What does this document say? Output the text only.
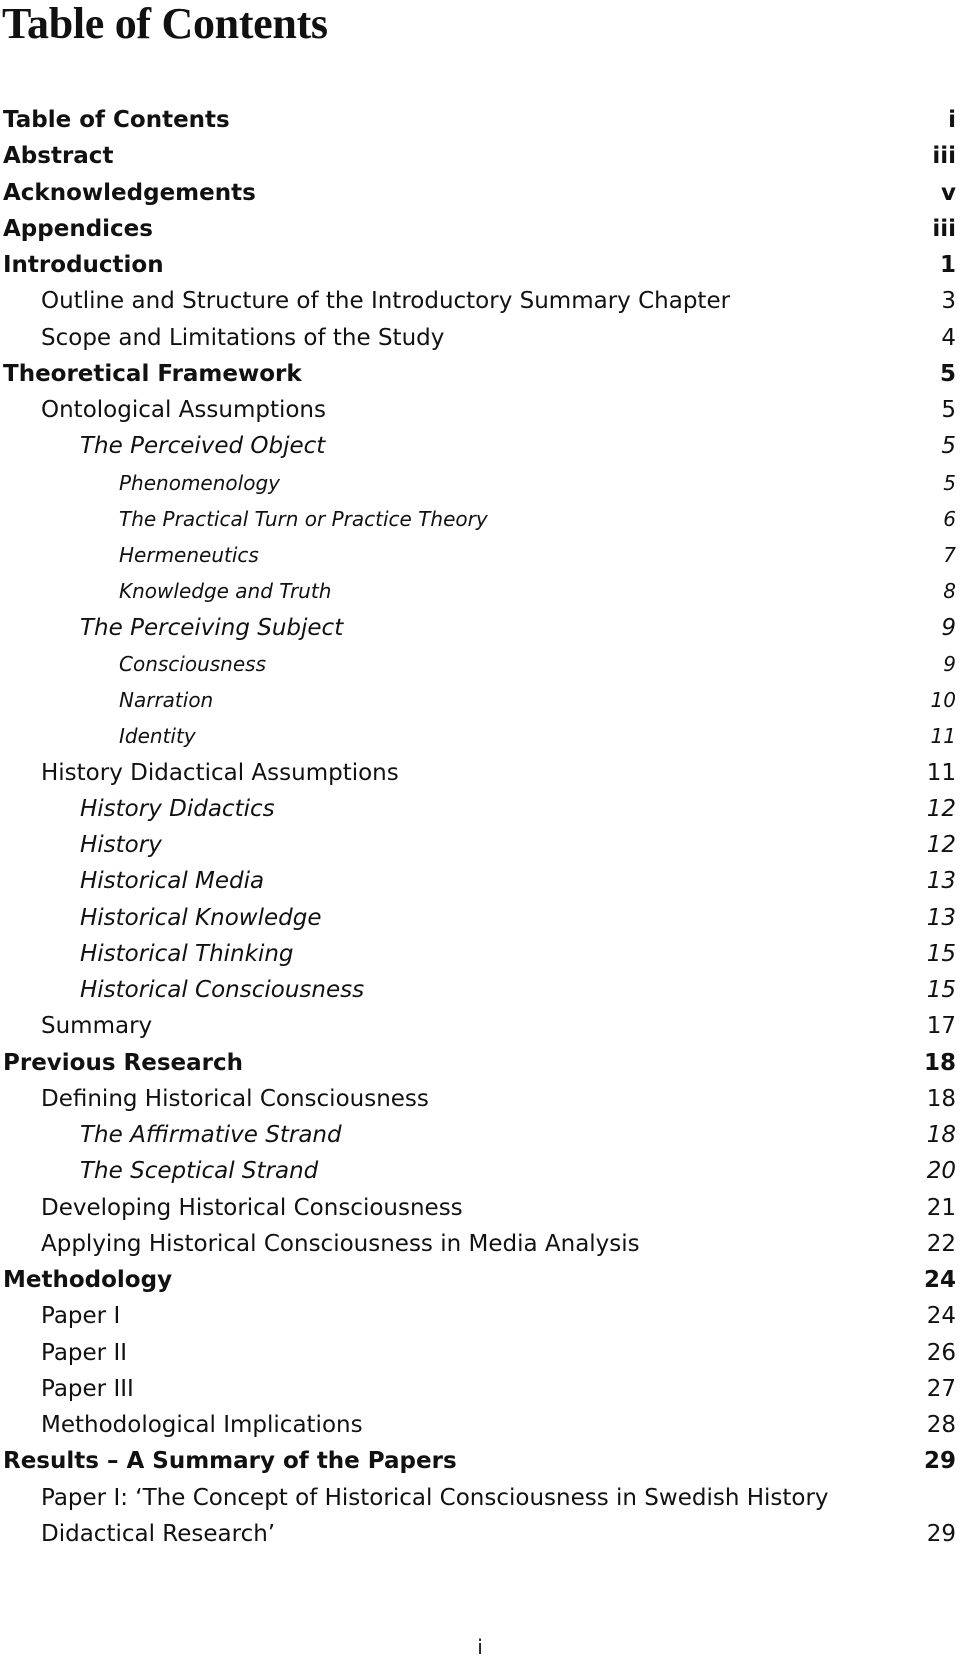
Table of Contents
Table of Contents	i
Abstract	iii
Acknowledgements	v
Appendices	iii
Introduction	1
Outline and Structure of the Introductory Summary Chapter	3
Scope and Limitations of the Study	4
Theoretical Framework	5
Ontological Assumptions	5
The Perceived Object	5
Phenomenology	5
The Practical Turn or Practice Theory	6
Hermeneutics	7
Knowledge and Truth	8
The Perceiving Subject	9
Consciousness	9
Narration	10
Identity	11
History Didactical Assumptions	11
History Didactics	12
History	12
Historical Media	13
Historical Knowledge	13
Historical Thinking	15
Historical Consciousness	15
Summary	17
Previous Research	18
Defining Historical Consciousness	18
The Affirmative Strand	18
The Sceptical Strand	20
Developing Historical Consciousness	21
Applying Historical Consciousness in Media Analysis	22
Methodology	24
Paper I	24
Paper II	26
Paper III	27
Methodological Implications	28
Results – A Summary of the Papers	29
Paper I: ‘The Concept of Historical Consciousness in Swedish History
Didactical Research’	29
i
